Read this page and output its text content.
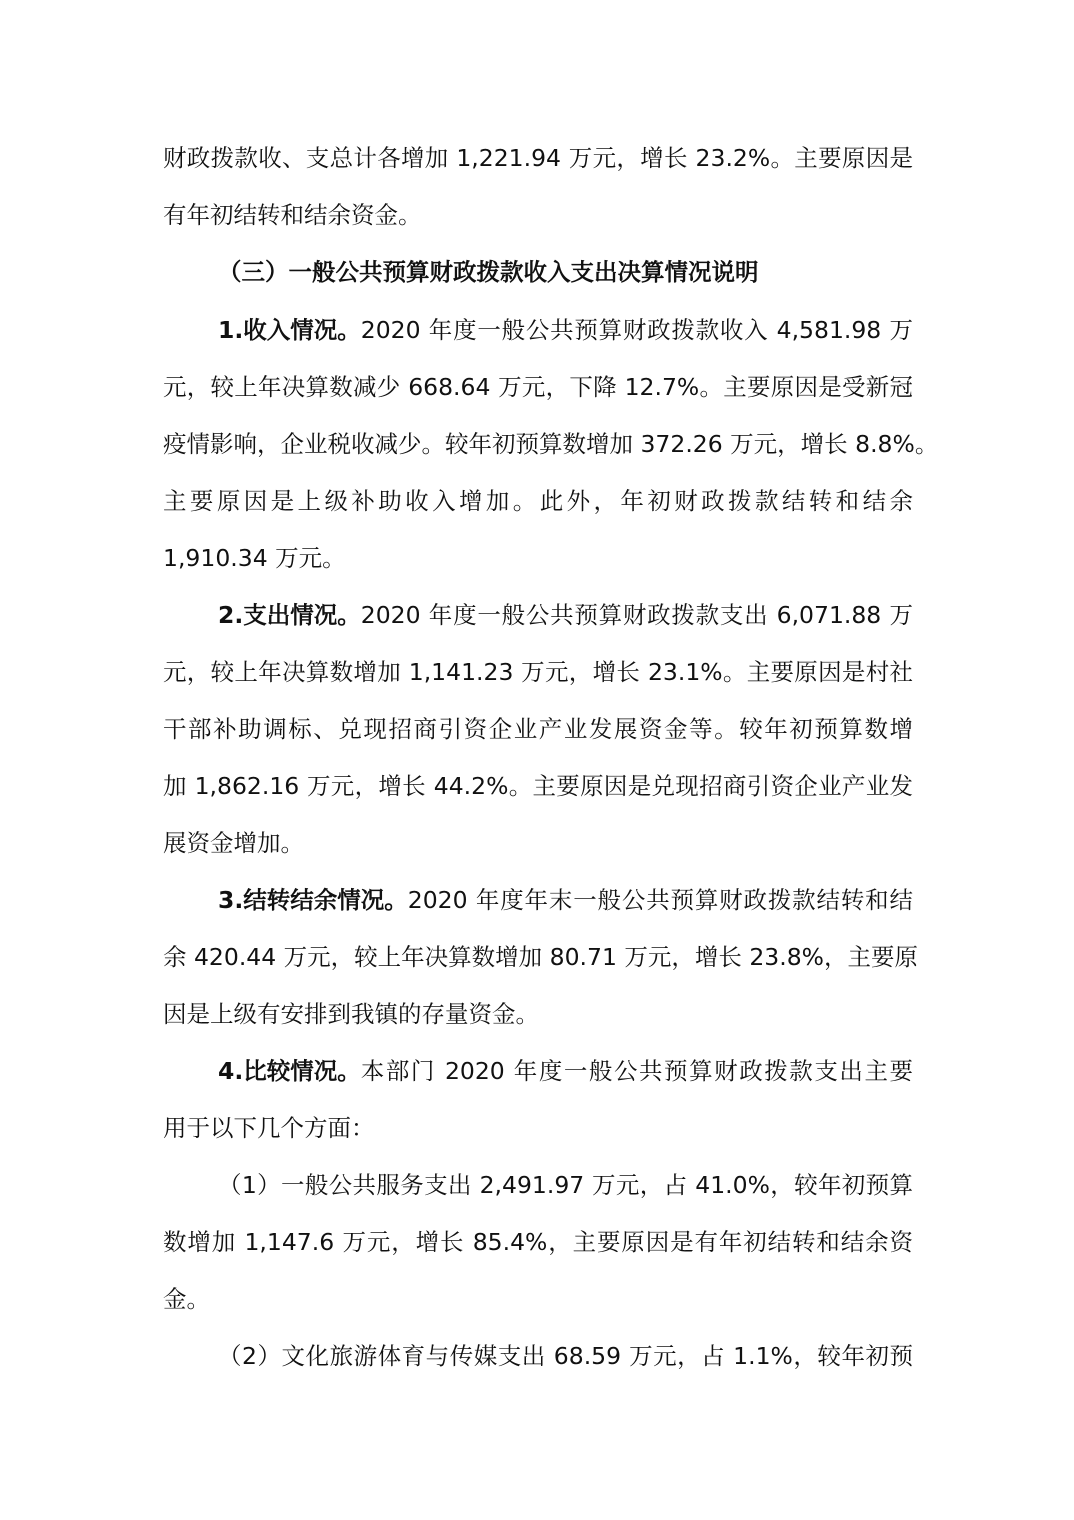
财政拨款收、支总计各增加 1,221.94 万元，增长 23.2%。主要原因是
有年初结转和结余资金。
（三）一般公共预算财政拨款收入支出决算情况说明
1.收入情况。 2020 年度一般公共预算财政拨款收入 4,581.98 万
元，较上年决算数减少 668.64 万元，下降 12.7%。主要原因是受新冠
疫情影响，企业税收减少。较年初预算数增加 372.26 万元，增长 8.8%。
主要原因是上级补助收入增加。此外，年初财政拨款结转和结余
1,910.34 万元。
2.支出情况。 2020 年度一般公共预算财政拨款支出 6,071.88 万
元，较上年决算数增加 1,141.23 万元，增长 23.1%。主要原因是村社
干部补助调标、兑现招商引资企业产业发展资金等。较年初预算数增
加 1,862.16 万元，增长 44.2%。主要原因是兑现招商引资企业产业发
展资金增加。
3.结转结余情况。 2020 年度年末一般公共预算财政拨款结转和结
余 420.44 万元，较上年决算数增加 80.71 万元，增长 23.8%，主要原
因是上级有安排到我镇的存量资金。
4.比较情况。 本部门 2020 年度一般公共预算财政拨款支出主要
用于以下几个方面：
（1）一般公共服务支出 2,491.97 万元，占 41.0%，较年初预算
数增加 1,147.6 万元，增长 85.4%，主要原因是有年初结转和结余资
金。
（2）文化旅游体育与传媒支出 68.59 万元，占 1.1%，较年初预
